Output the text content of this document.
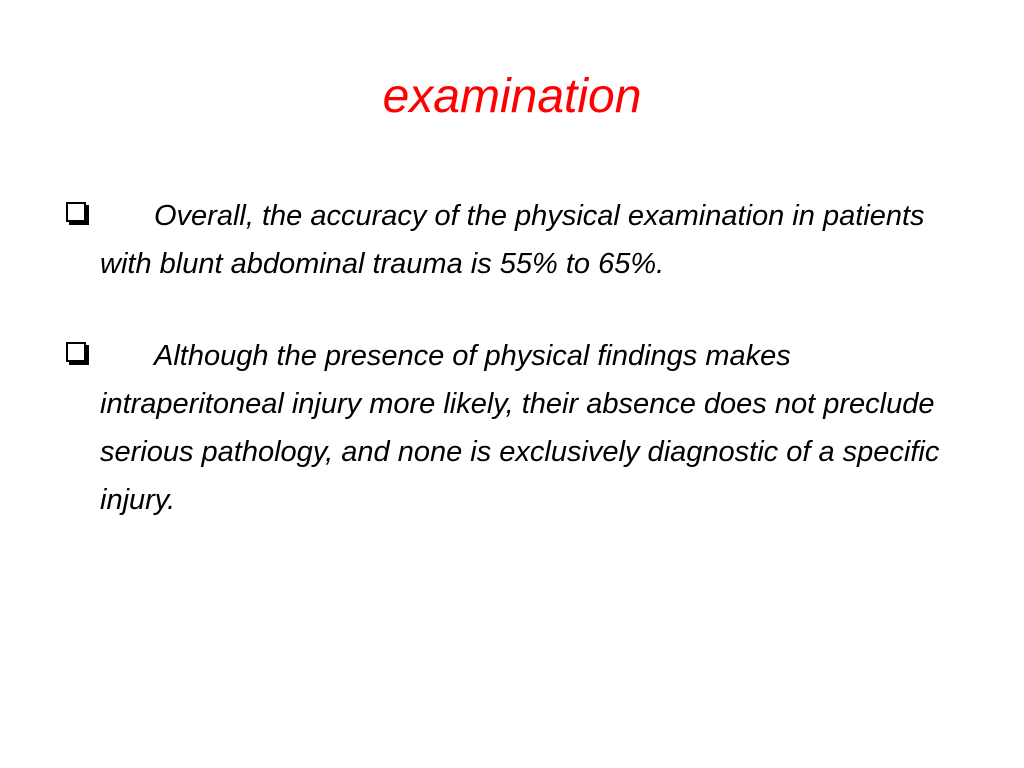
examination
Overall, the accuracy of the physical examination in patients with blunt abdominal trauma is 55% to 65%.
Although the presence of physical findings makes intraperitoneal injury more likely, their absence does not preclude serious pathology, and none is exclusively diagnostic of a specific injury.
